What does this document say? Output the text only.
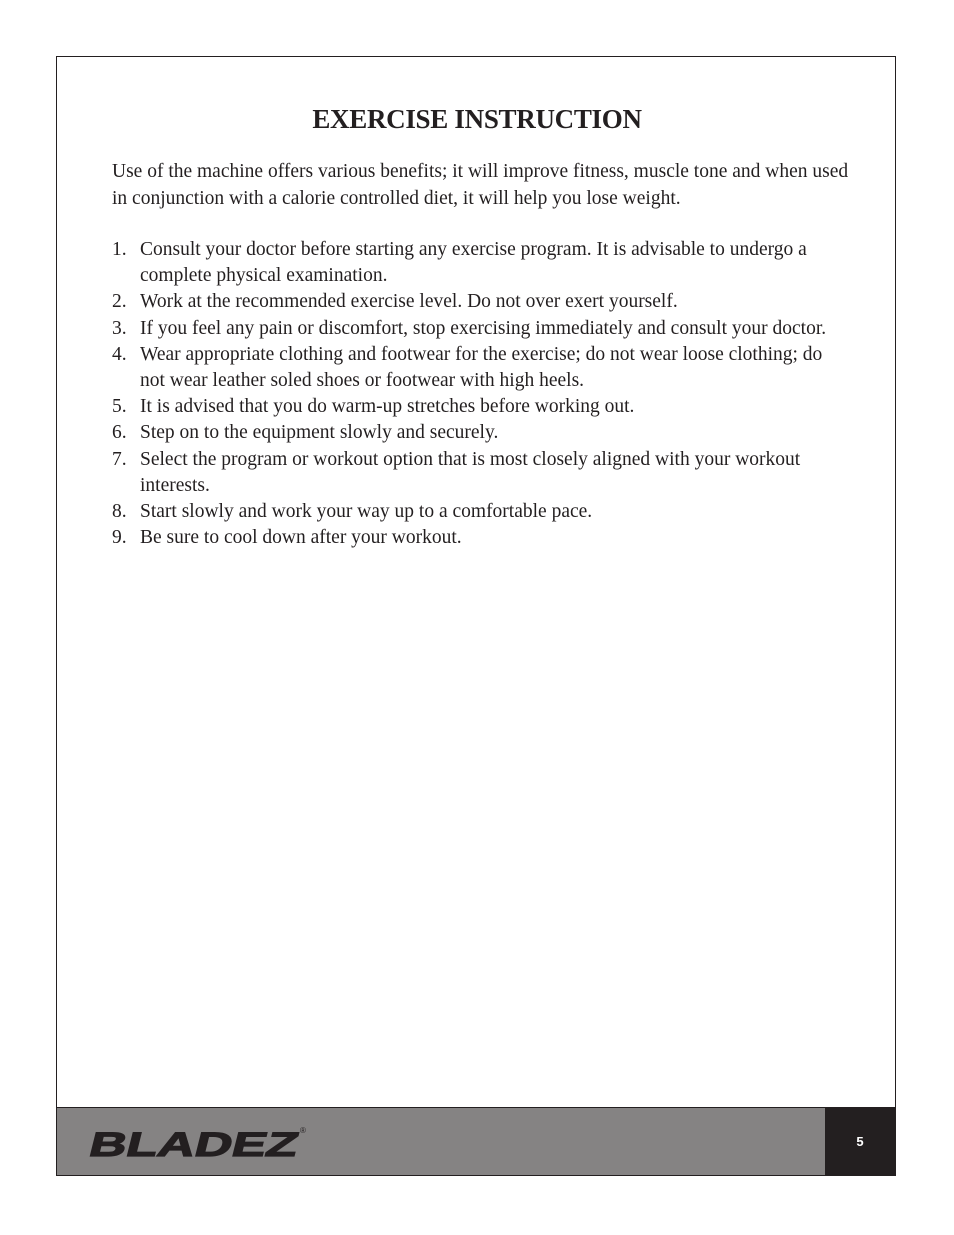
EXERCISE INSTRUCTION

Use of the machine offers various benefits; it will improve fitness, muscle tone and when used in conjunction with a calorie controlled diet, it will help you lose weight.

1. Consult your doctor before starting any exercise program. It is advisable to undergo a complete physical examination.
2. Work at the recommended exercise level. Do not over exert yourself.
3. If you feel any pain or discomfort, stop exercising immediately and consult your doctor.
4. Wear appropriate clothing and footwear for the exercise; do not wear loose clothing; do not wear leather soled shoes or footwear with high heels.
5. It is advised that you do warm-up stretches before working out.
6. Step on to the equipment slowly and securely.
7. Select the program or workout option that is most closely aligned with your workout interests.
8. Start slowly and work your way up to a comfortable pace.
9. Be sure to cool down after your workout.
BLADEZ	®
5
